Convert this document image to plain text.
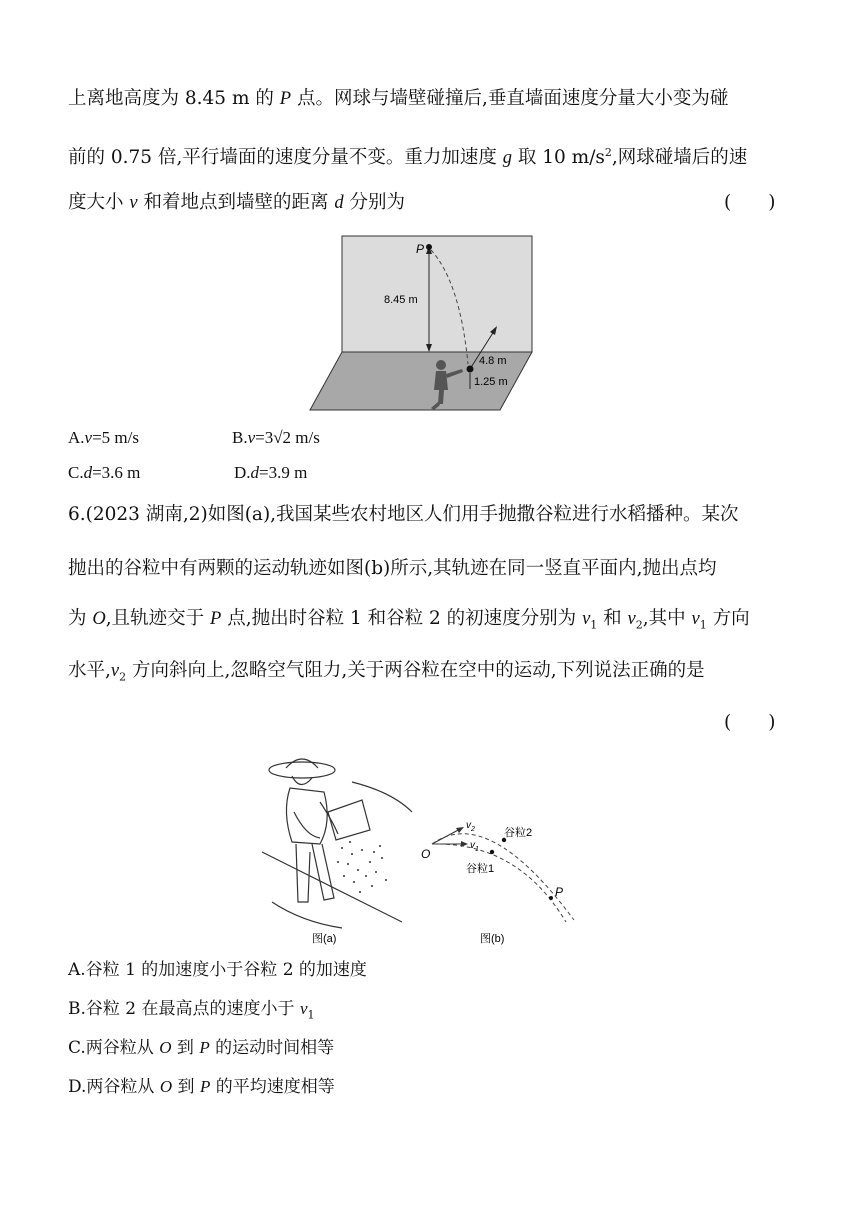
上离地高度为 8.45 m 的 P 点。网球与墙壁碰撞后,垂直墙面速度分量大小变为碰
前的 0.75 倍,平行墙面的速度分量不变。重力加速度 g 取 10 $m/s^2$,网球碰墙后的速
度大小 v 和着地点到墙壁的距离 d 分别为	(　　)
P
8.45 m
4.8 m
1.25 m
A.v=5 m/s	B.v=3√2 m/s
C.d=3.6 m	D.d=3.9 m
6.(2023 湖南,2)如图(a),我国某些农村地区人们用手抛撒谷粒进行水稻播种。某次
抛出的谷粒中有两颗的运动轨迹如图(b)所示,其轨迹在同一竖直平面内,抛出点均
为 O,且轨迹交于 P 点,抛出时谷粒 1 和谷粒 2 的初速度分别为 $v_1$ 和 $v_2$,其中 $v_1$ 方向
水平$,v_2$ 方向斜向上,忽略空气阻力,关于两谷粒在空中的运动,下列说法正确的是
(　　)
图(a)
O
$v_2$
$v_1$
谷粒2
谷粒1
P
图(b)
A.谷粒 1 的加速度小于谷粒 2 的加速度
B.谷粒 2 在最高点的速度小于 $v_1$
C.两谷粒从 O 到 P 的运动时间相等
D.两谷粒从 O 到 P 的平均速度相等
